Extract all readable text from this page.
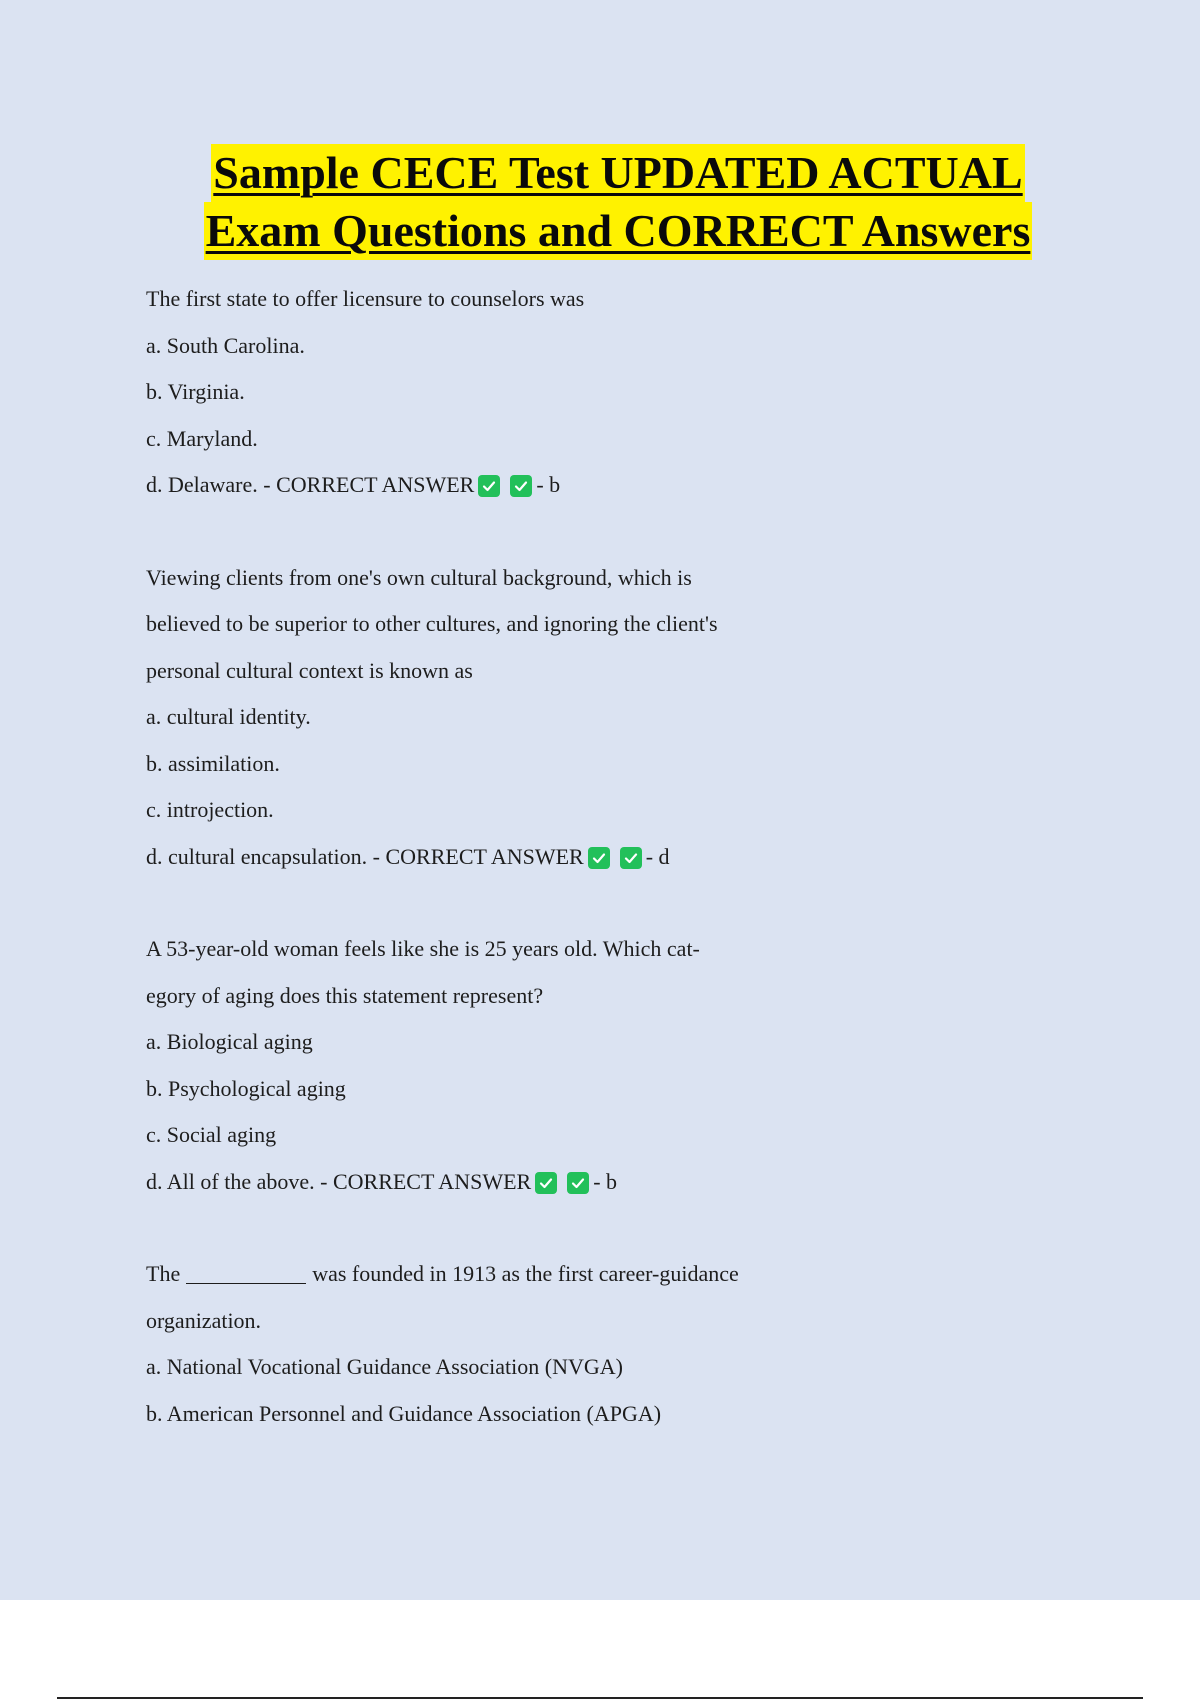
Sample CECE Test UPDATED ACTUAL
Exam Questions and CORRECT Answers
The first state to offer licensure to counselors was
a. South Carolina.
b. Virginia.
c. Maryland.
d. Delaware. - CORRECT ANSWER	- b
Viewing clients from one's own cultural background, which is
believed to be superior to other cultures, and ignoring the client's
personal cultural context is known as
a. cultural identity.
b. assimilation.
c. introjection.
d. cultural encapsulation. - CORRECT ANSWER	- d
A 53-year-old woman feels like she is 25 years old. Which cat-
egory of aging does this statement represent?
a. Biological aging
b. Psychological aging
c. Social aging
d. All of the above. - CORRECT ANSWER	- b
The	was founded in 1913 as the first career-guidance
organization.
a. National Vocational Guidance Association (NVGA)
b. American Personnel and Guidance Association (APGA)
